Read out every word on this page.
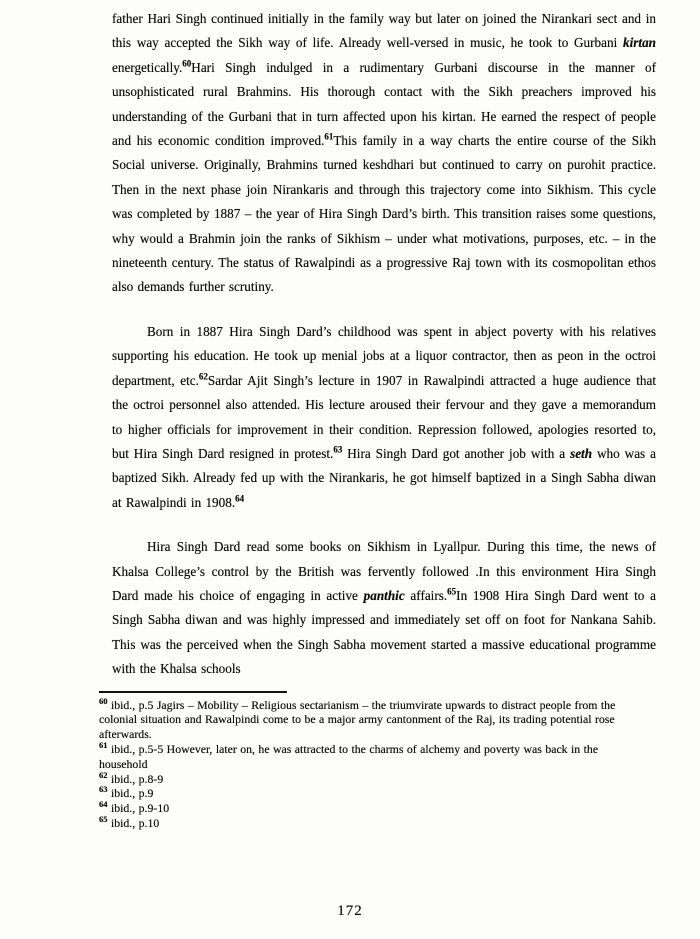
father Hari Singh continued initially in the family way but later on joined the Nirankari sect and in this way accepted the Sikh way of life. Already well-versed in music, he took to Gurbani kirtan energetically.$^{60}$Hari Singh indulged in a rudimentary Gurbani discourse in the manner of unsophisticated rural Brahmins. His thorough contact with the Sikh preachers improved his understanding of the Gurbani that in turn affected upon his kirtan. He earned the respect of people and his economic condition improved.$^{61}$This family in a way charts the entire course of the Sikh Social universe. Originally, Brahmins turned keshdhari but continued to carry on purohit practice. Then in the next phase join Nirankaris and through this trajectory come into Sikhism. This cycle was completed by 1887 – the year of Hira Singh Dard’s birth. This transition raises some questions, why would a Brahmin join the ranks of Sikhism – under what motivations, purposes, etc. – in the nineteenth century. The status of Rawalpindi as a progressive Raj town with its cosmopolitan ethos also demands further scrutiny.
Born in 1887 Hira Singh Dard’s childhood was spent in abject poverty with his relatives supporting his education. He took up menial jobs at a liquor contractor, then as peon in the octroi department, etc.$^{62}$Sardar Ajit Singh’s lecture in 1907 in Rawalpindi attracted a huge audience that the octroi personnel also attended. His lecture aroused their fervour and they gave a memorandum to higher officials for improvement in their condition. Repression followed, apologies resorted to, but Hira Singh Dard resigned in protest.$^{63}$ Hira Singh Dard got another job with a seth who was a baptized Sikh. Already fed up with the Nirankaris, he got himself baptized in a Singh Sabha diwan at Rawalpindi in 1908.64
Hira Singh Dard read some books on Sikhism in Lyallpur. During this time, the news of Khalsa College’s control by the British was fervently followed .In this environment Hira Singh Dard made his choice of engaging in active panthic affairs.$^{65}$In 1908 Hira Singh Dard went to a Singh Sabha diwan and was highly impressed and immediately set off on foot for Nankana Sahib. This was the perceived when the Singh Sabha movement started a massive educational programme with the Khalsa schools
$^{60}$ ibid., p.5 Jagirs – Mobility – Religious sectarianism – the triumvirate upwards to distract people from the colonial situation and Rawalpindi come to be a major army cantonment of the Raj, its trading potential rose afterwards.
$^{61}$ ibid., p.5-5 However, later on, he was attracted to the charms of alchemy and poverty was back in the household
$^{62}$ ibid., p.8-9
$^{63}$ ibid., p.9
$^{64}$ ibid., p.9-10
$^{65}$ ibid., p.10
172
